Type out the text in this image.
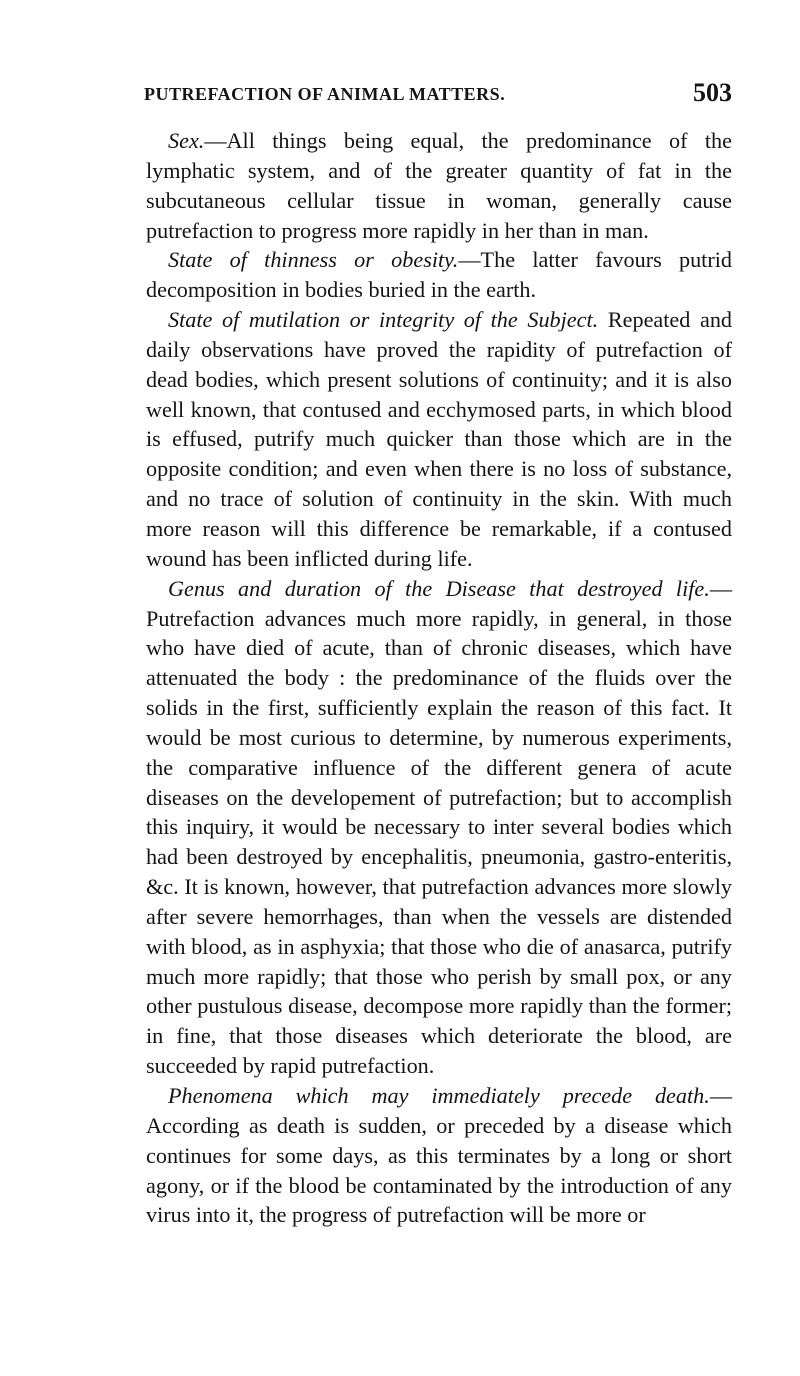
PUTREFACTION OF ANIMAL MATTERS.	503

Sex.—All things being equal, the predominance of the lymphatic system, and of the greater quantity of fat in the subcutaneous cellular tissue in woman, generally cause putrefaction to progress more rapidly in her than in man.

State of thinness or obesity.—The latter favours putrid decomposition in bodies buried in the earth.

State of mutilation or integrity of the Subject. Repeated and daily observations have proved the rapidity of putrefaction of dead bodies, which present solutions of continuity; and it is also well known, that contused and ecchymosed parts, in which blood is effused, putrify much quicker than those which are in the opposite condition; and even when there is no loss of substance, and no trace of solution of continuity in the skin. With much more reason will this difference be remarkable, if a contused wound has been inflicted during life.

Genus and duration of the Disease that destroyed life.—Putrefaction advances much more rapidly, in general, in those who have died of acute, than of chronic diseases, which have attenuated the body : the predominance of the fluids over the solids in the first, sufficiently explain the reason of this fact. It would be most curious to determine, by numerous experiments, the comparative influence of the different genera of acute diseases on the developement of putrefaction; but to accomplish this inquiry, it would be necessary to inter several bodies which had been destroyed by encephalitis, pneumonia, gastro-enteritis, &c. It is known, however, that putrefaction advances more slowly after severe hemorrhages, than when the vessels are distended with blood, as in asphyxia; that those who die of anasarca, putrify much more rapidly; that those who perish by small pox, or any other pustulous disease, decompose more rapidly than the former; in fine, that those diseases which deteriorate the blood, are succeeded by rapid putrefaction.

Phenomena which may immediately precede death.—According as death is sudden, or preceded by a disease which continues for some days, as this terminates by a long or short agony, or if the blood be contaminated by the introduction of any virus into it, the progress of putrefaction will be more or
